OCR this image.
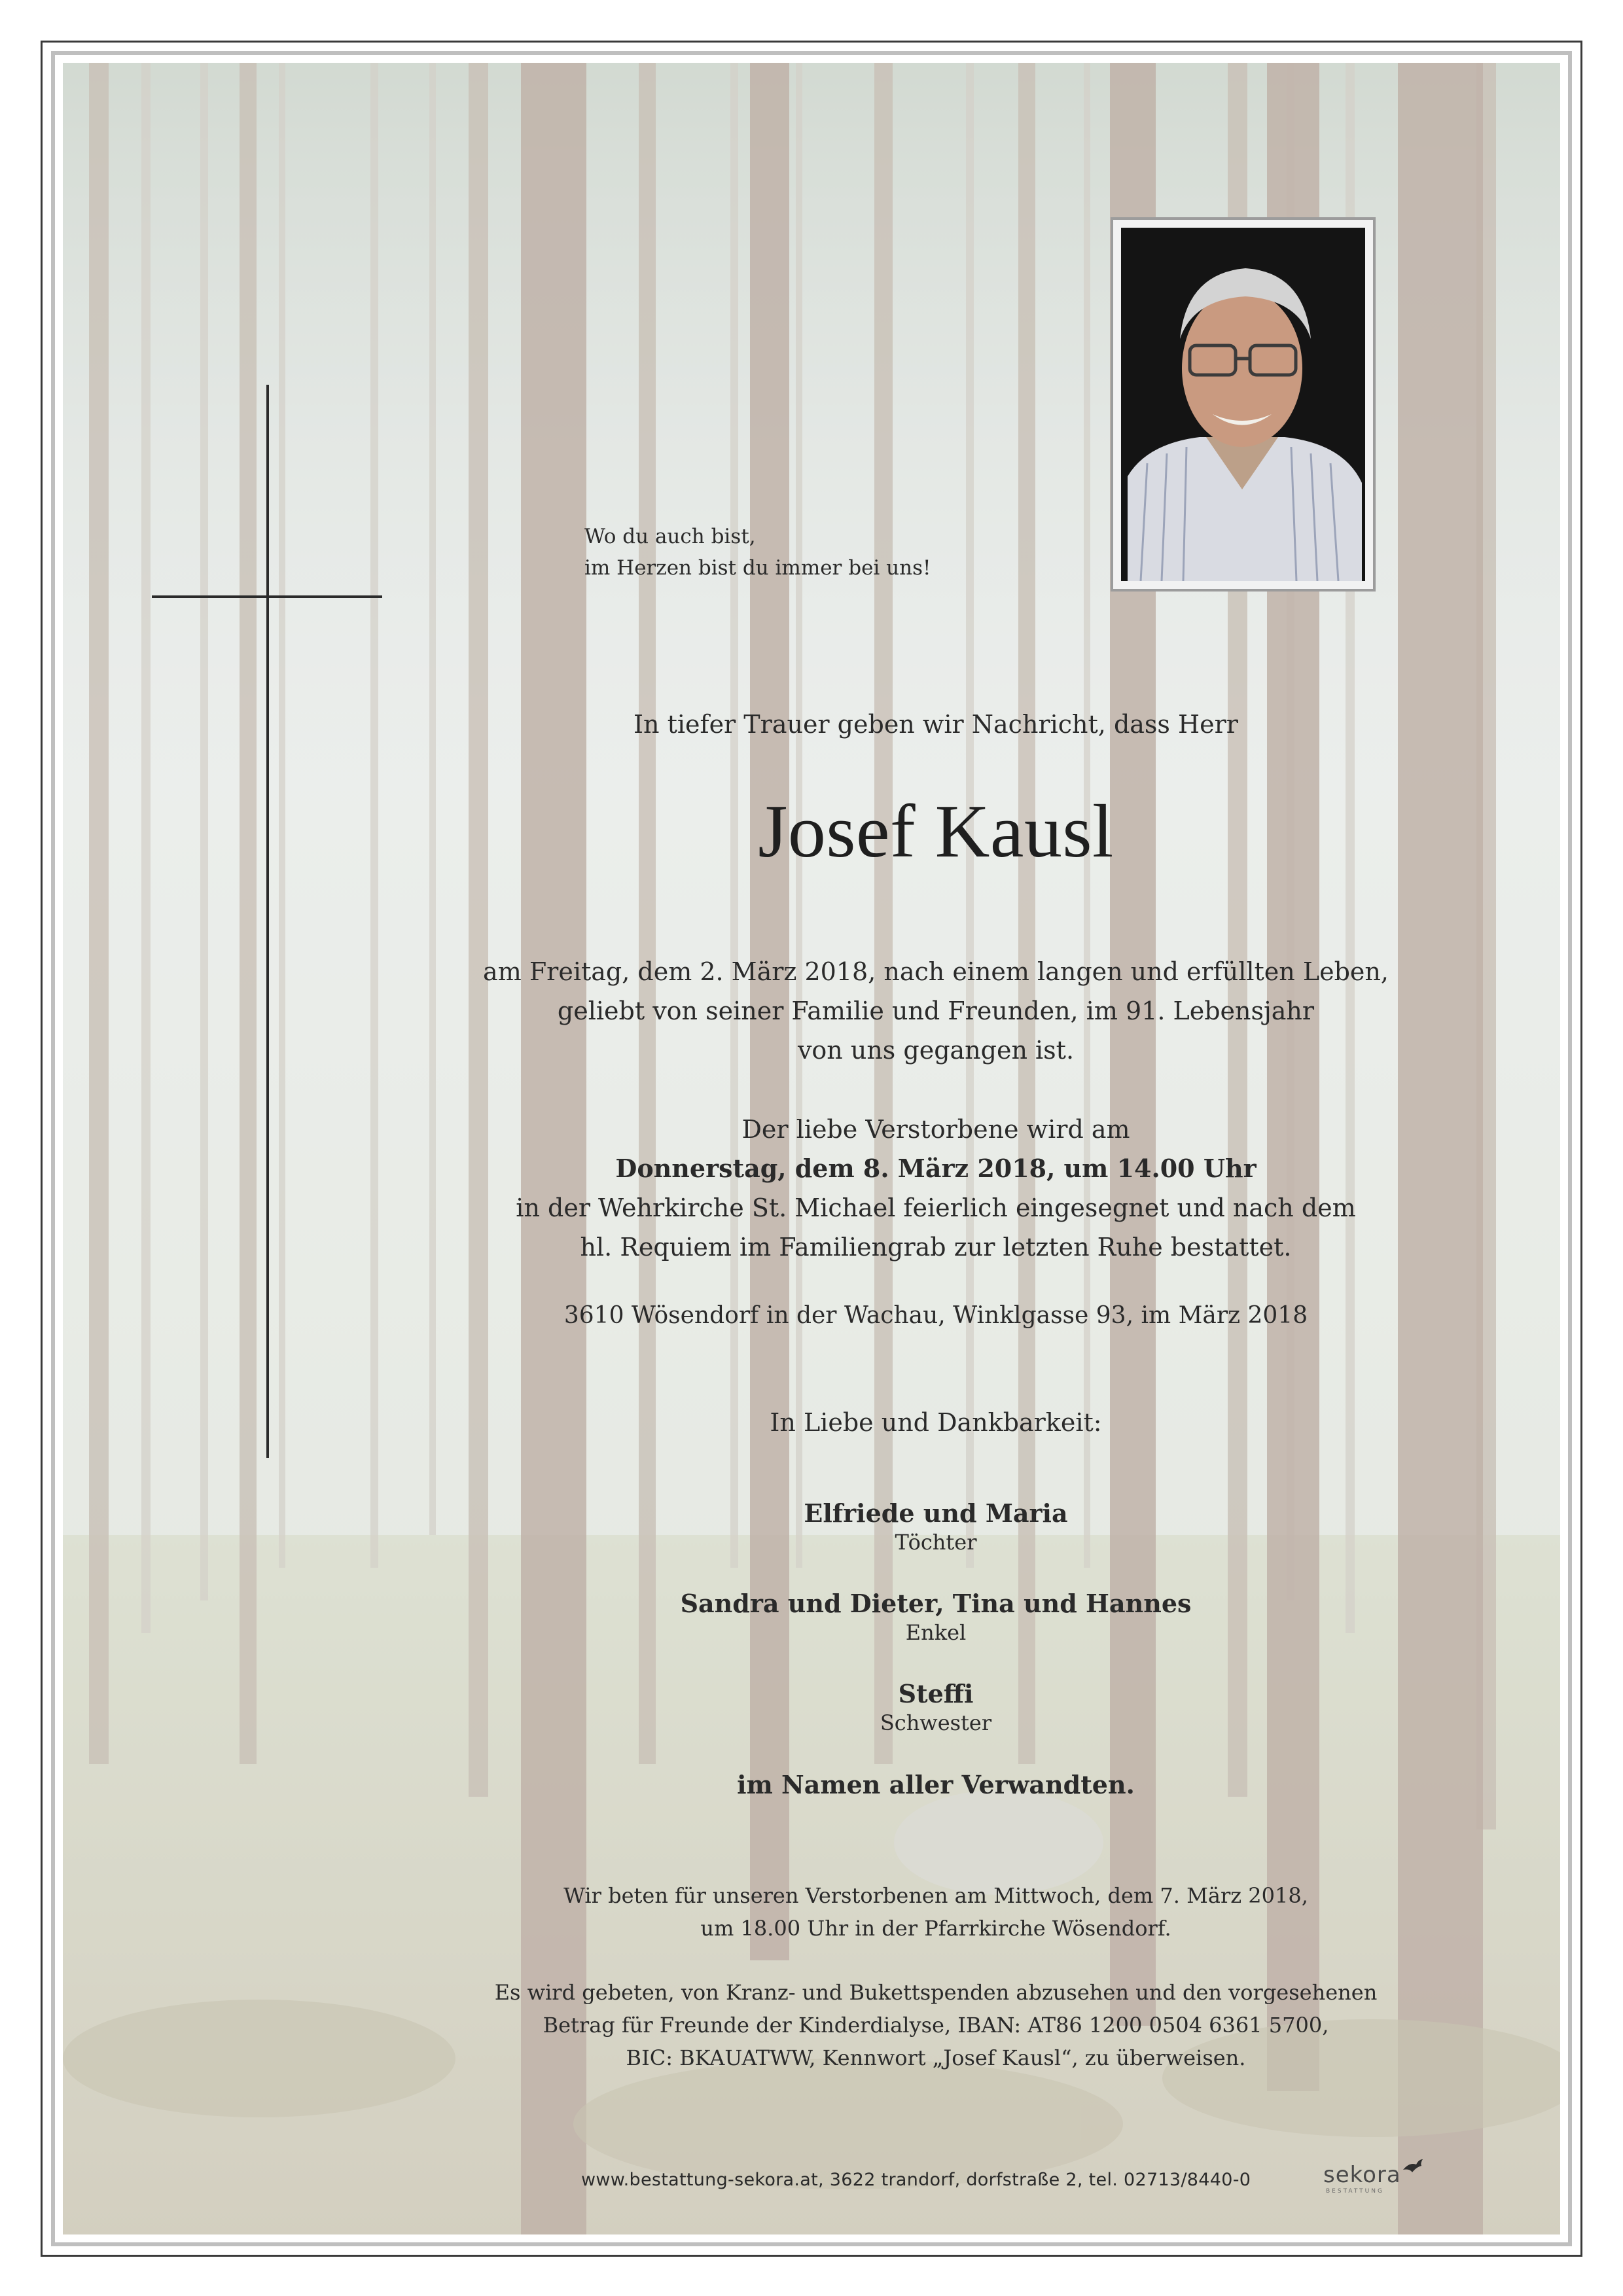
Wo du auch bist,
im Herzen bist du immer bei uns!
In tiefer Trauer geben wir Nachricht, dass Herr
Josef Kausl
am Freitag, dem 2. März 2018, nach einem langen und erfüllten Leben,
geliebt von seiner Familie und Freunden, im 91. Lebensjahr
von uns gegangen ist.
Der liebe Verstorbene wird am
Donnerstag, dem 8. März 2018, um 14.00 Uhr
in der Wehrkirche St. Michael feierlich eingesegnet und nach dem
hl. Requiem im Familiengrab zur letzten Ruhe bestattet.
3610 Wösendorf in der Wachau, Winklgasse 93, im März 2018
In Liebe und Dankbarkeit:
Elfriede und Maria
Töchter
Sandra und Dieter, Tina und Hannes
Enkel
Steffi
Schwester
im Namen aller Verwandten.
Wir beten für unseren Verstorbenen am Mittwoch, dem 7. März 2018,
um 18.00 Uhr in der Pfarrkirche Wösendorf.
Es wird gebeten, von Kranz- und Bukettspenden abzusehen und den vorgesehenen
Betrag für Freunde der Kinderdialyse, IBAN: AT86 1200 0504 6361 5700,
BIC: BKAUATWW, Kennwort „Josef Kausl“, zu überweisen.
www.bestattung-sekora.at, 3622 trandorf, dorfstraße 2, tel. 02713/8440-0	sekora
BESTATTUNG
